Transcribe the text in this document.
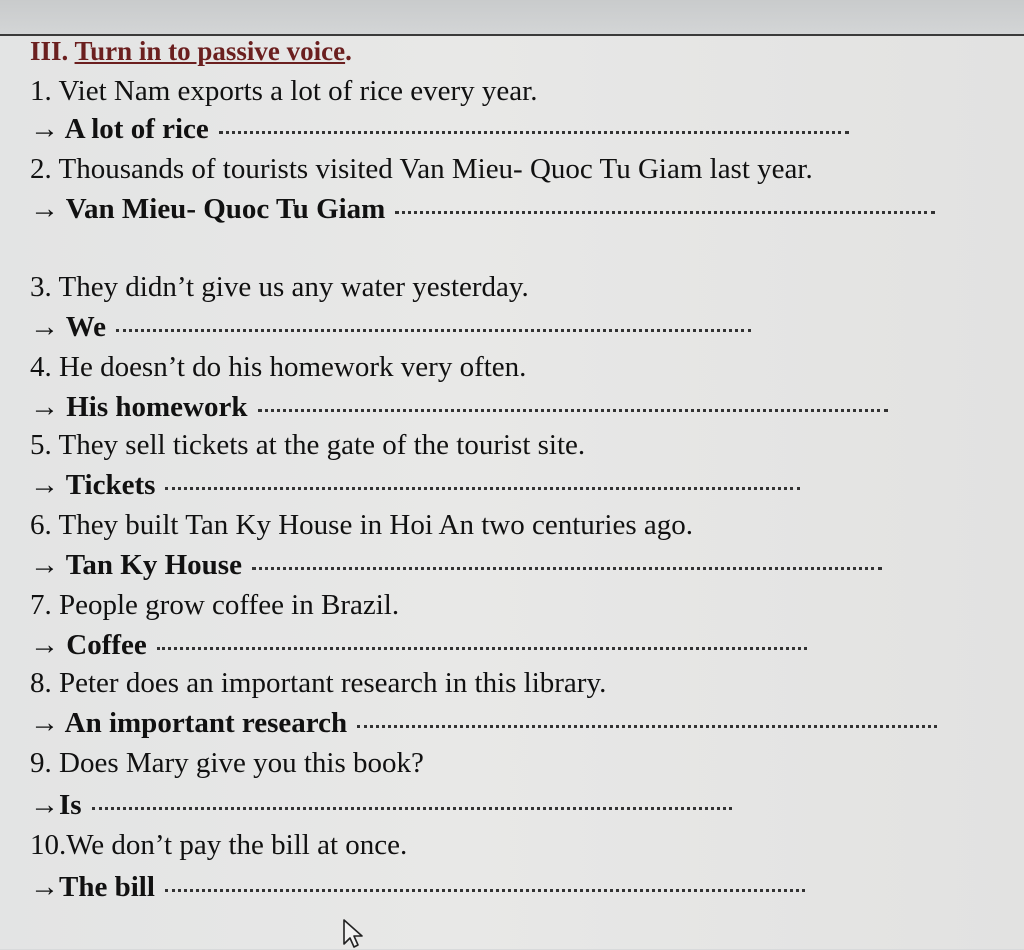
III. Turn in to passive voice.
1. Viet Nam exports a lot of rice every year.
→ A lot of rice
2. Thousands of tourists visited Van Mieu- Quoc Tu Giam last year.
→ Van Mieu- Quoc Tu Giam
3. They didn’t give us any water yesterday.
→ We
4. He doesn’t do his homework very often.
→ His homework
5. They sell tickets at the gate of the tourist site.
→ Tickets
6. They built Tan Ky House in Hoi An two centuries ago.
→ Tan Ky House
7. People grow coffee in Brazil.
→ Coffee
8. Peter does an important research in this library.
→ An important research
9. Does Mary give you this book?
→Is
10.We don’t pay the bill at once.
→The bill
